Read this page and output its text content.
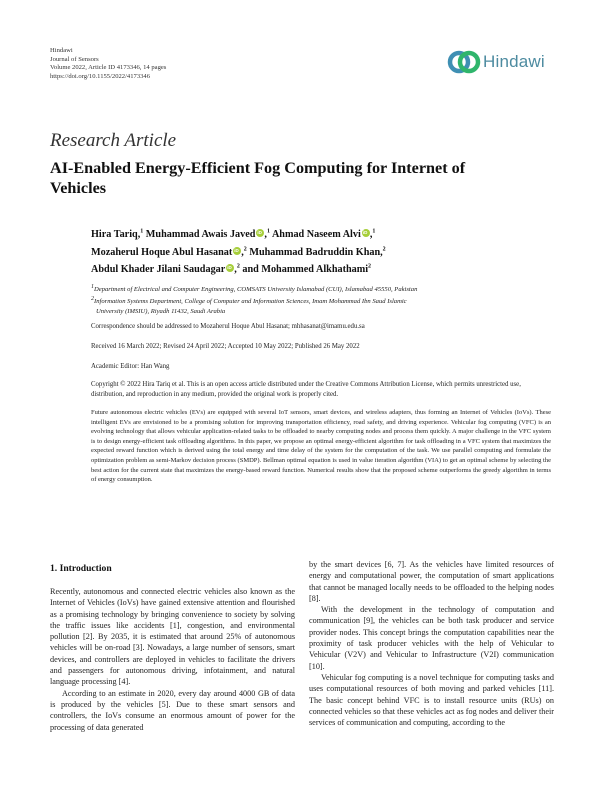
Hindawi
Journal of Sensors
Volume 2022, Article ID 4173346, 14 pages
https://doi.org/10.1155/2022/4173346
Hindawi
Research Article
AI-Enabled Energy-Efficient Fog Computing for Internet of Vehicles
Hira Tariq,$^1$ Muhammad Awais Javed iD ,$^1$ Ahmad Naseem Alvi iD ,$^1$
Mozaherul Hoque Abul Hasanat iD ,$^2$ Muhammad Badruddin Khan,$^2$
Abdul Khader Jilani Saudagar iD ,$^2$ and Mohammed Alkhathami$^2$
$^1$Department of Electrical and Computer Engineering, COMSATS University Islamabad (CUI), Islamabad 45550, Pakistan
$^2$Information Systems Department, College of Computer and Information Sciences, Imam Mohammad Ibn Saud Islamic
University (IMSIU), Riyadh 11432, Saudi Arabia
Correspondence should be addressed to Mozaherul Hoque Abul Hasanat; mhhasanat@imamu.edu.sa
Received 16 March 2022; Revised 24 April 2022; Accepted 10 May 2022; Published 26 May 2022
Academic Editor: Han Wang
Copyright © 2022 Hira Tariq et al. This is an open access article distributed under the Creative Commons Attribution License, which permits unrestricted use, distribution, and reproduction in any medium, provided the original work is properly cited.
Future autonomous electric vehicles (EVs) are equipped with several IoT sensors, smart devices, and wireless adapters, thus forming an Internet of Vehicles (IoVs). These intelligent EVs are envisioned to be a promising solution for improving transportation efficiency, road safety, and driving experience. Vehicular fog computing (VFC) is an evolving technology that allows vehicular application-related tasks to be offloaded to nearby computing nodes and process them quickly. A major challenge in the VFC system is to design energy-efficient task offloading algorithms. In this paper, we propose an optimal energy-efficient algorithm for task offloading in a VFC system that maximizes the expected reward function which is derived using the total energy and time delay of the system for the computation of the task. We use parallel computing and formulate the optimization problem as semi-Markov decision process (SMDP). Bellman optimal equation is used in value iteration algorithm (VIA) to get an optimal scheme by selecting the best action for the current state that maximizes the energy-based reward function. Numerical results show that the proposed scheme outperforms the greedy algorithm in terms of energy consumption.
1. Introduction

Recently, autonomous and connected electric vehicles also known as the Internet of Vehicles (IoVs) have gained extensive attention and flourished as a promising technology by bringing convenience to society by solving the traffic issues like accidents [1], congestion, and environmental pollution [2]. By 2035, it is estimated that around 25% of autonomous vehicles will be on-road [3]. Nowadays, a large number of sensors, smart devices, and controllers are deployed in vehicles to facilitate the drivers and passengers for autonomous driving, infotainment, and natural language processing [4].

According to an estimate in 2020, every day around 4000 GB of data is produced by the vehicles [5]. Due to these smart sensors and controllers, the IoVs consume an enormous amount of power for the processing of data generated

by the smart devices [6, 7]. As the vehicles have limited resources of energy and computational power, the computation of smart applications that cannot be managed locally needs to be offloaded to the helping nodes [8].

With the development in the technology of computation and communication [9], the vehicles can be both task producer and service provider nodes. This concept brings the computation capabilities near the proximity of task producer vehicles with the help of Vehicular to Vehicular (V2V) and Vehicular to Infrastructure (V2I) communication [10].

Vehicular fog computing is a novel technique for computing tasks and uses computational resources of both moving and parked vehicles [11]. The basic concept behind VFC is to install resource units (RUs) on connected vehicles so that these vehicles act as fog nodes and deliver their services of communication and computing, according to the
